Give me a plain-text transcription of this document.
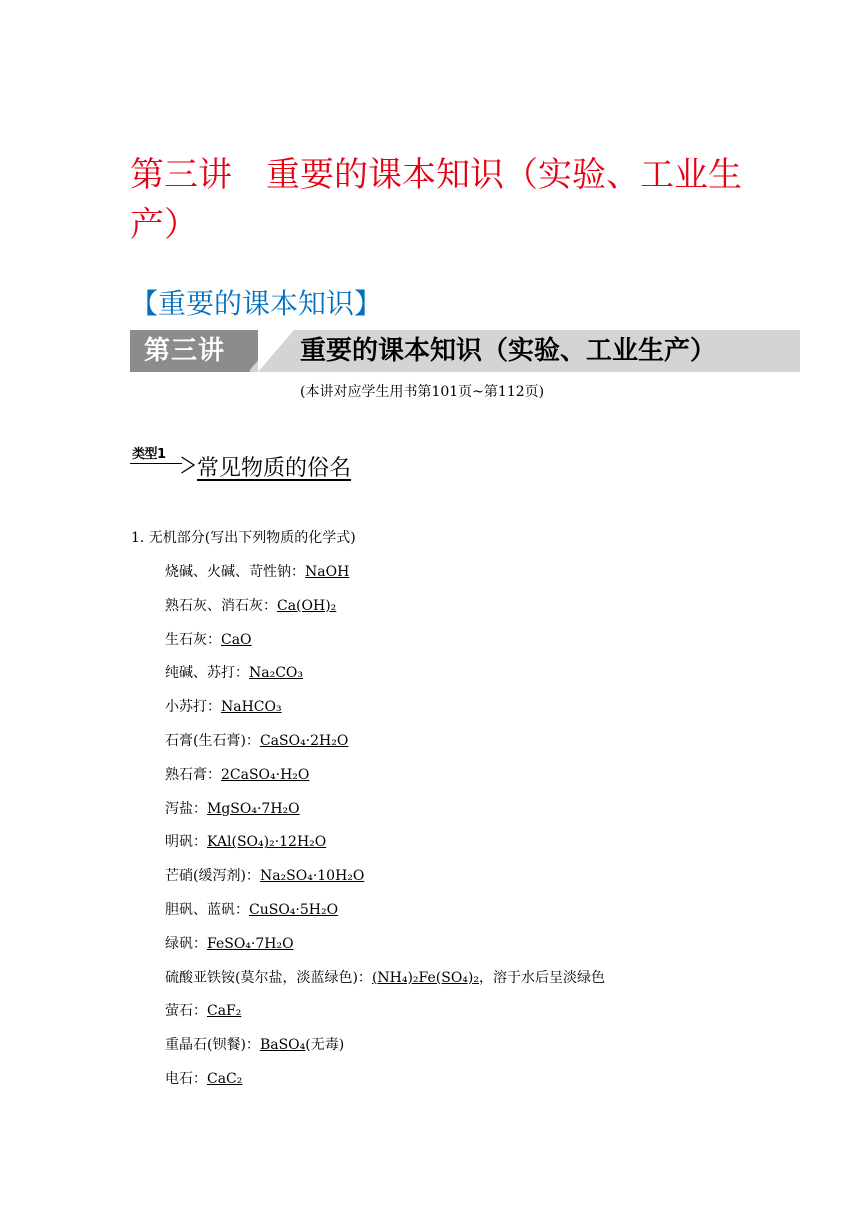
第三讲 重要的课本知识（实验、工业生产）
【重要的课本知识】
第三讲	重要的课本知识（实验、工业生产）
(本讲对应学生用书第101页~第112页)
类型1
常见物质的俗名
1. 无机部分(写出下列物质的化学式)
烧碱、火碱、苛性钠：NaOH
熟石灰、消石灰：Ca(OH)₂
生石灰：CaO
纯碱、苏打：Na₂CO₃
小苏打：NaHCO₃
石膏(生石膏)：CaSO₄·2H₂O
熟石膏：2CaSO₄·H₂O
泻盐：MgSO₄·7H₂O
明矾：KAl(SO₄)₂·12H₂O
芒硝(缓泻剂)：Na₂SO₄·10H₂O
胆矾、蓝矾：CuSO₄·5H₂O
绿矾：FeSO₄·7H₂O
硫酸亚铁铵(莫尔盐，淡蓝绿色)：(NH₄)₂Fe(SO₄)₂，溶于水后呈淡绿色
萤石：CaF₂
重晶石(钡餐)：BaSO₄(无毒)
电石：CaC₂
